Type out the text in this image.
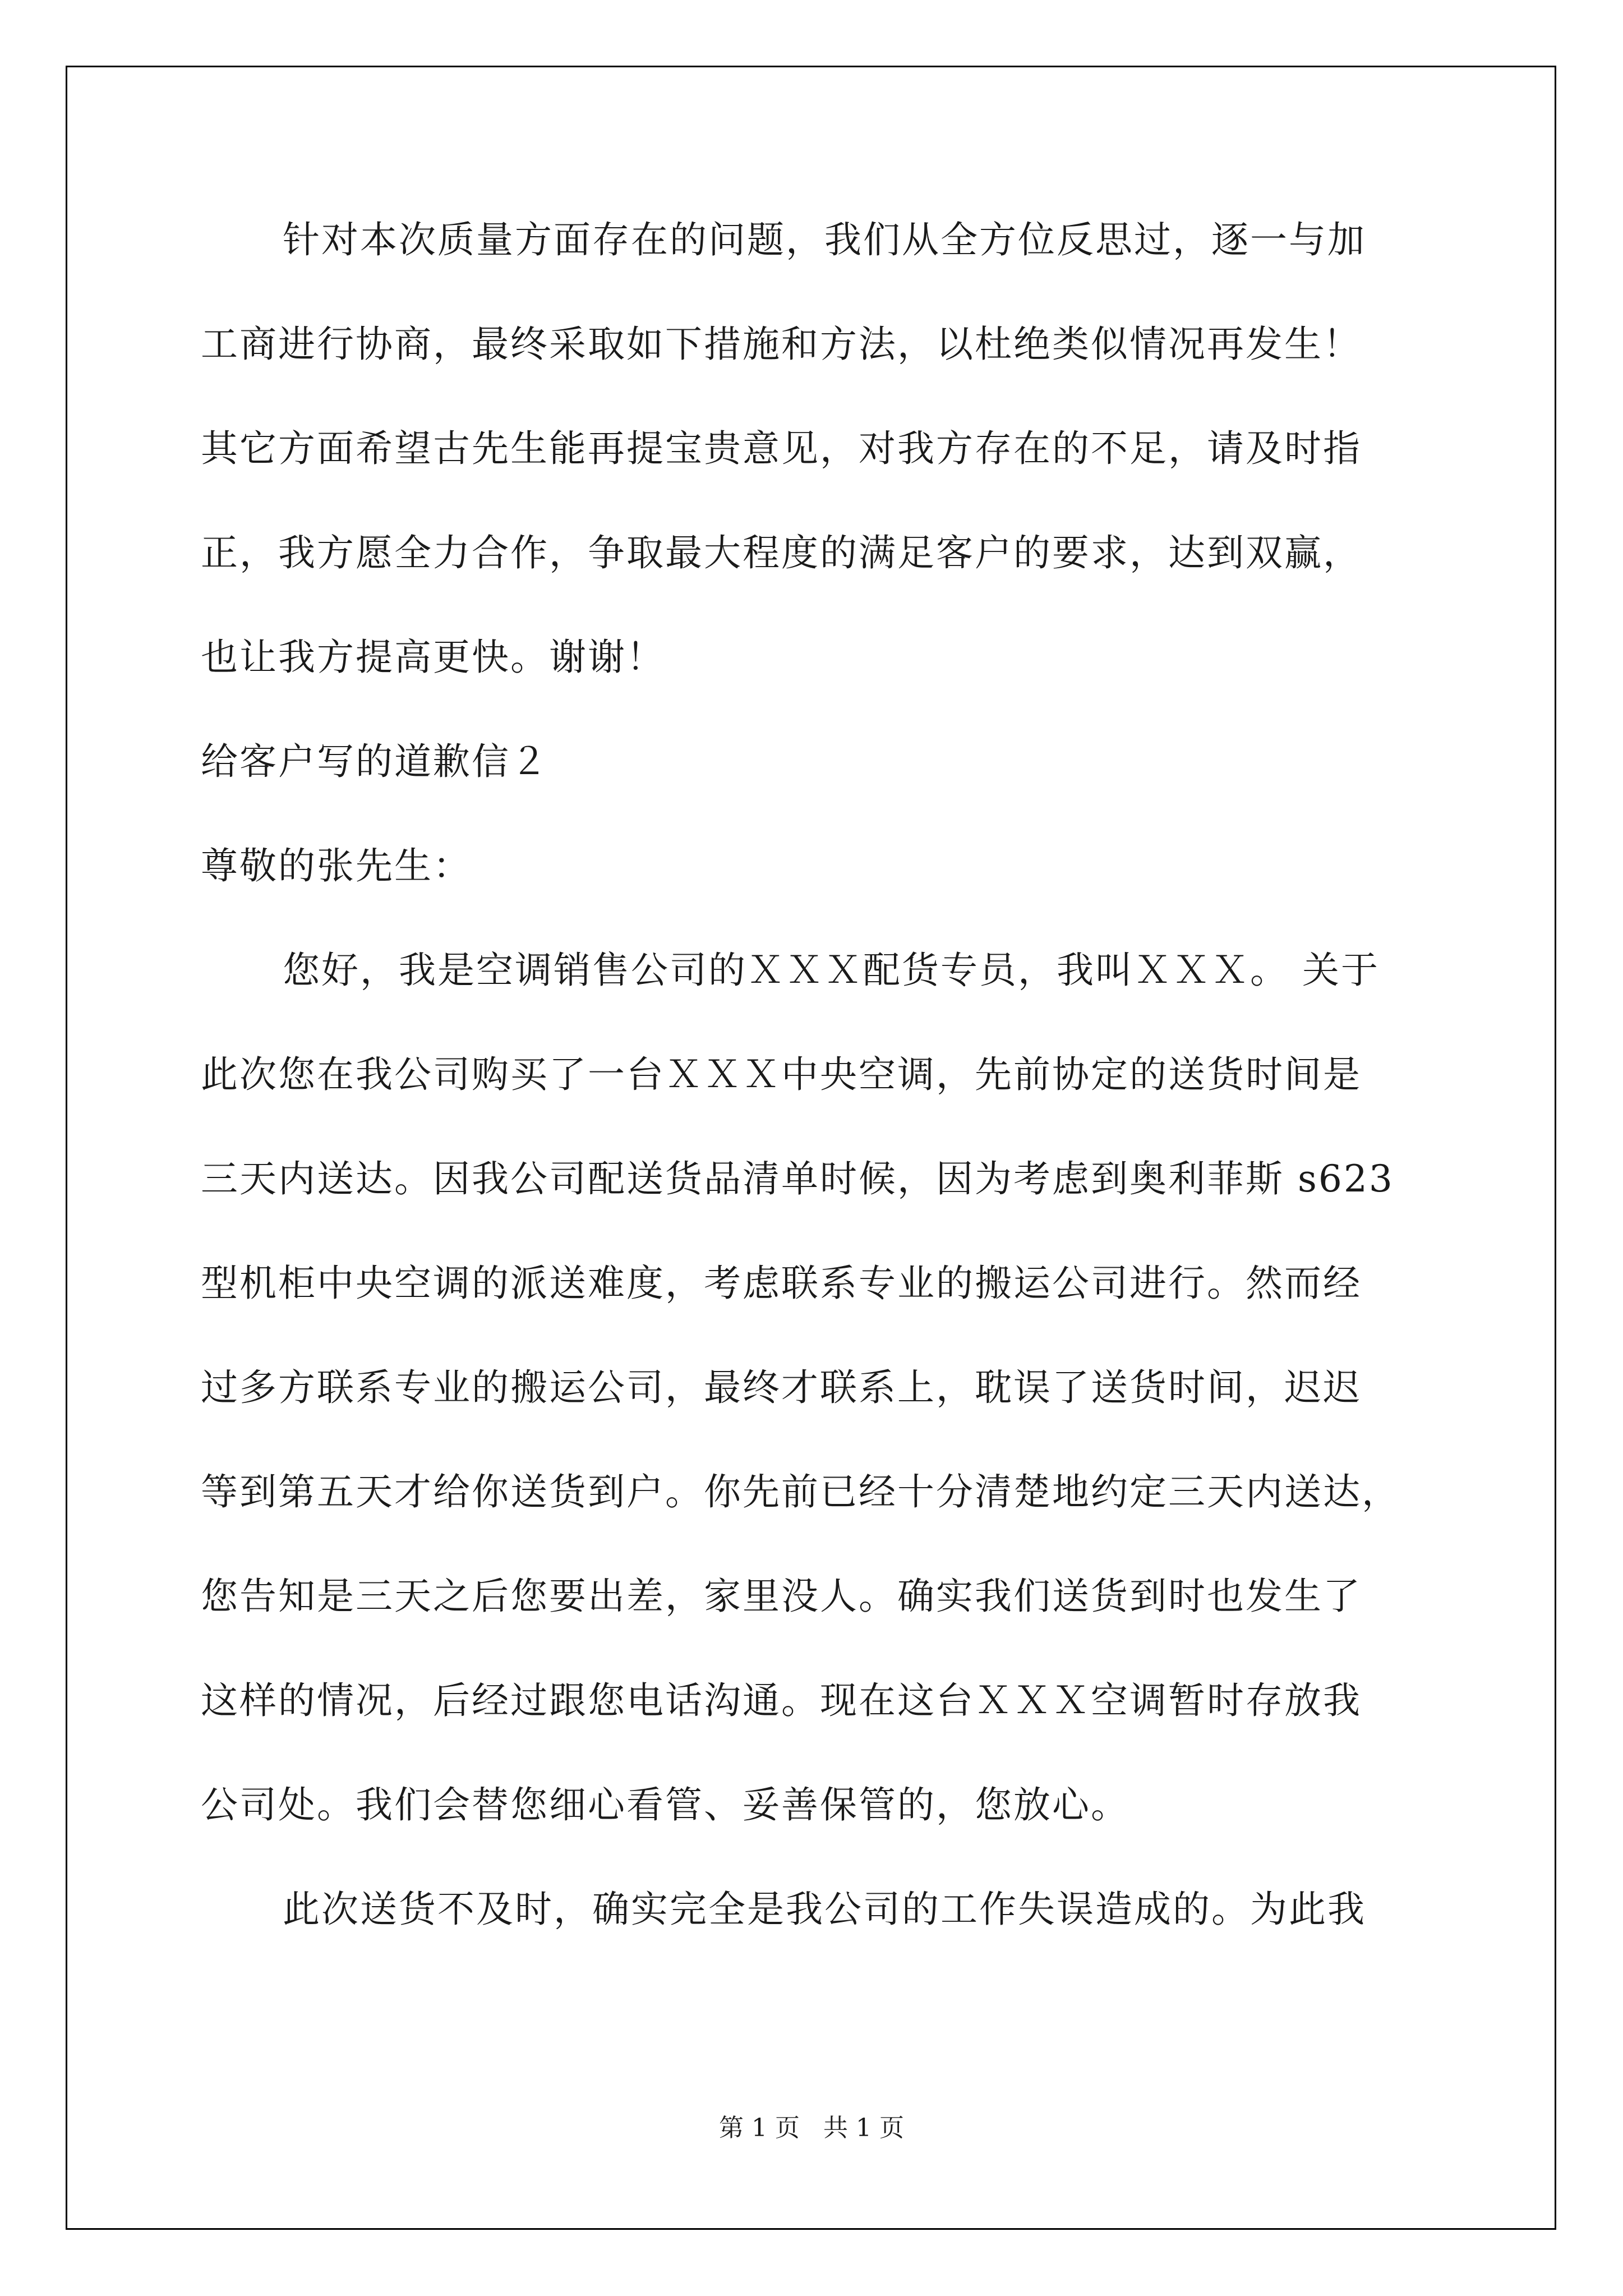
针对本次质量方面存在的问题，我们从全方位反思过，逐一与加
工商进行协商，最终采取如下措施和方法，以杜绝类似情况再发生！
其它方面希望古先生能再提宝贵意见，对我方存在的不足，请及时指
正，我方愿全力合作，争取最大程度的满足客户的要求，达到双赢，
也让我方提高更快。谢谢！
给客户写的道歉信２
尊敬的张先生：
您好，我是空调销售公司的ＸＸＸ配货专员，我叫ＸＸＸ。 关于
此次您在我公司购买了一台ＸＸＸ中央空调，先前协定的送货时间是
三天内送达。因我公司配送货品清单时候，因为考虑到奥利菲斯 s623
型机柜中央空调的派送难度，考虑联系专业的搬运公司进行。然而经
过多方联系专业的搬运公司，最终才联系上，耽误了送货时间，迟迟
等到第五天才给你送货到户。你先前已经十分清楚地约定三天内送达，
您告知是三天之后您要出差，家里没人。确实我们送货到时也发生了
这样的情况，后经过跟您电话沟通。现在这台ＸＸＸ空调暂时存放我
公司处。我们会替您细心看管、妥善保管的，您放心。
此次送货不及时，确实完全是我公司的工作失误造成的。为此我
第 1 页   共 1 页
